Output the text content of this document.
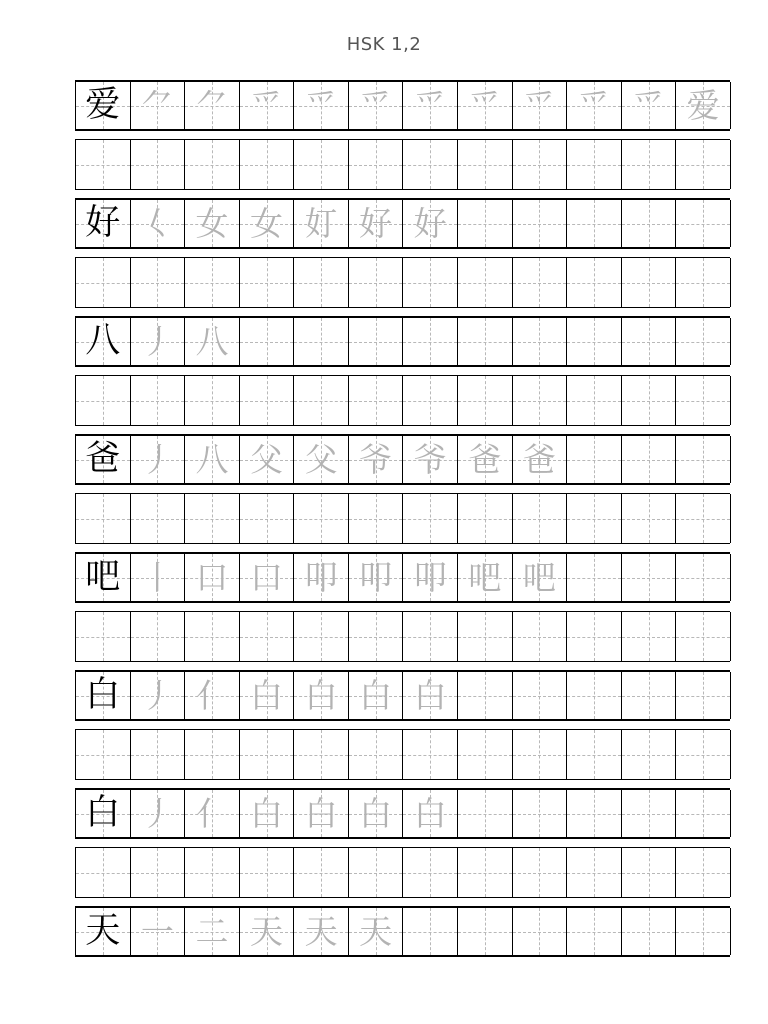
HSK 1,2
爱 ⺈ ⺈ 爫 爫 爫 爫 爫 爫 爫 爫 爱
好 𡿨 女 女 奵 好 好
八 丿 八
爸 丿 八 父 父 爷 爷 爸 爸
吧 丨 口 口 叩 叩 叩 吧 吧
白 丿 亻 白 白 白 白
白 丿 亻 白 白 白 白
天 一 二 天 天 天
